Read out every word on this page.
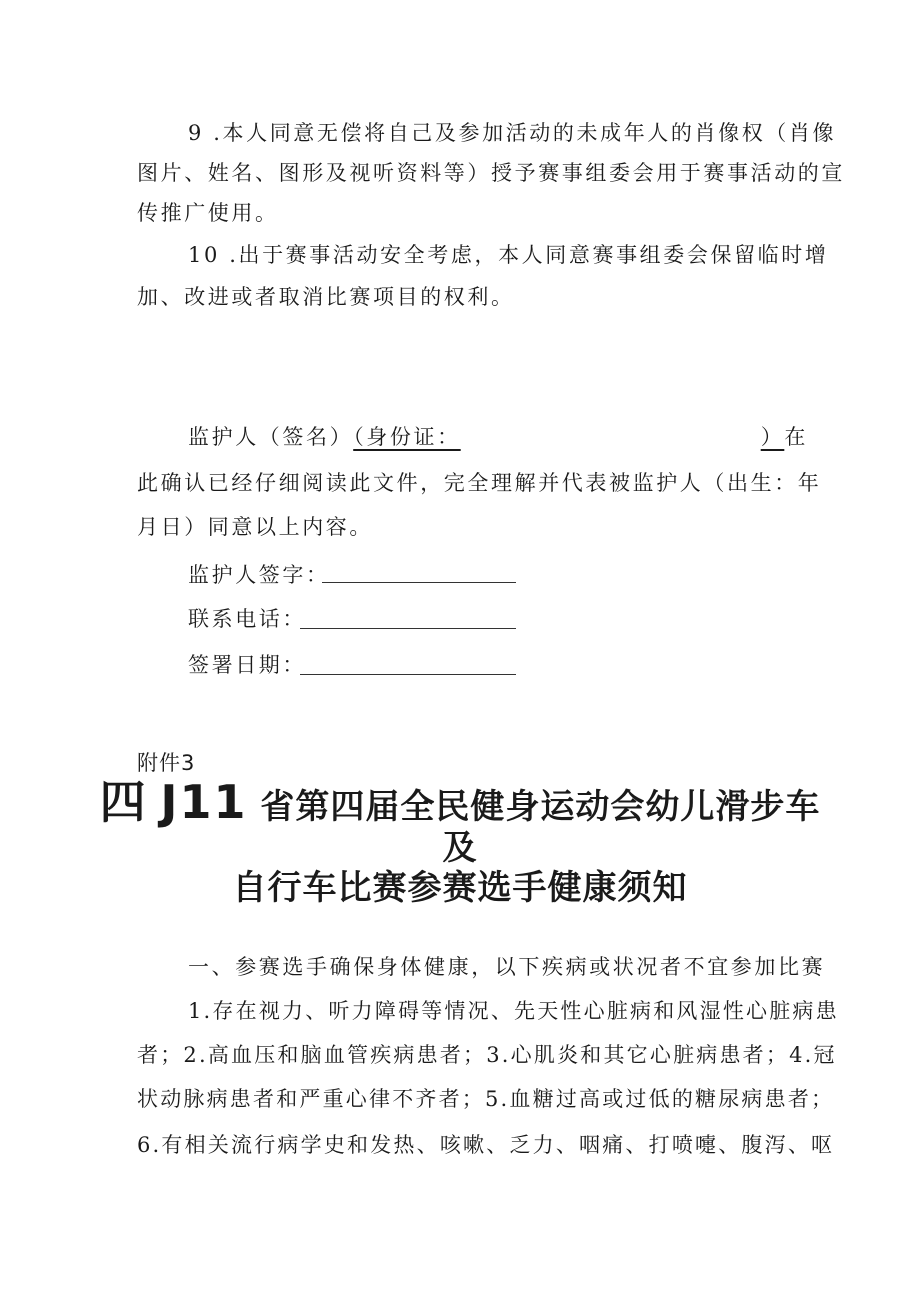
9 .本人同意无偿将自己及参加活动的未成年人的肖像权（肖像
图片、姓名、图形及视听资料等）授予赛事组委会用于赛事活动的宣
传推广使用。
10 .出于赛事活动安全考虑，本人同意赛事组委会保留临时增
加、改进或者取消比赛项目的权利。
监护人（签名）（身份证：	）在
此确认已经仔细阅读此文件，完全理解并代表被监护人（出生：年
月日）同意以上内容。
监护人签字：
联系电话：
签署日期：
附件3
四 J11 省第四届全民健身运动会幼儿滑步车
及
自行车比赛参赛选手健康须知
一、参赛选手确保身体健康，以下疾病或状况者不宜参加比赛
1.存在视力、听力障碍等情况、先天性心脏病和风湿性心脏病患
者；2.高血压和脑血管疾病患者；3.心肌炎和其它心脏病患者；4.冠
状动脉病患者和严重心律不齐者；5.血糖过高或过低的糖尿病患者；
6.有相关流行病学史和发热、咳嗽、乏力、咽痛、打喷嚏、腹泻、呕
